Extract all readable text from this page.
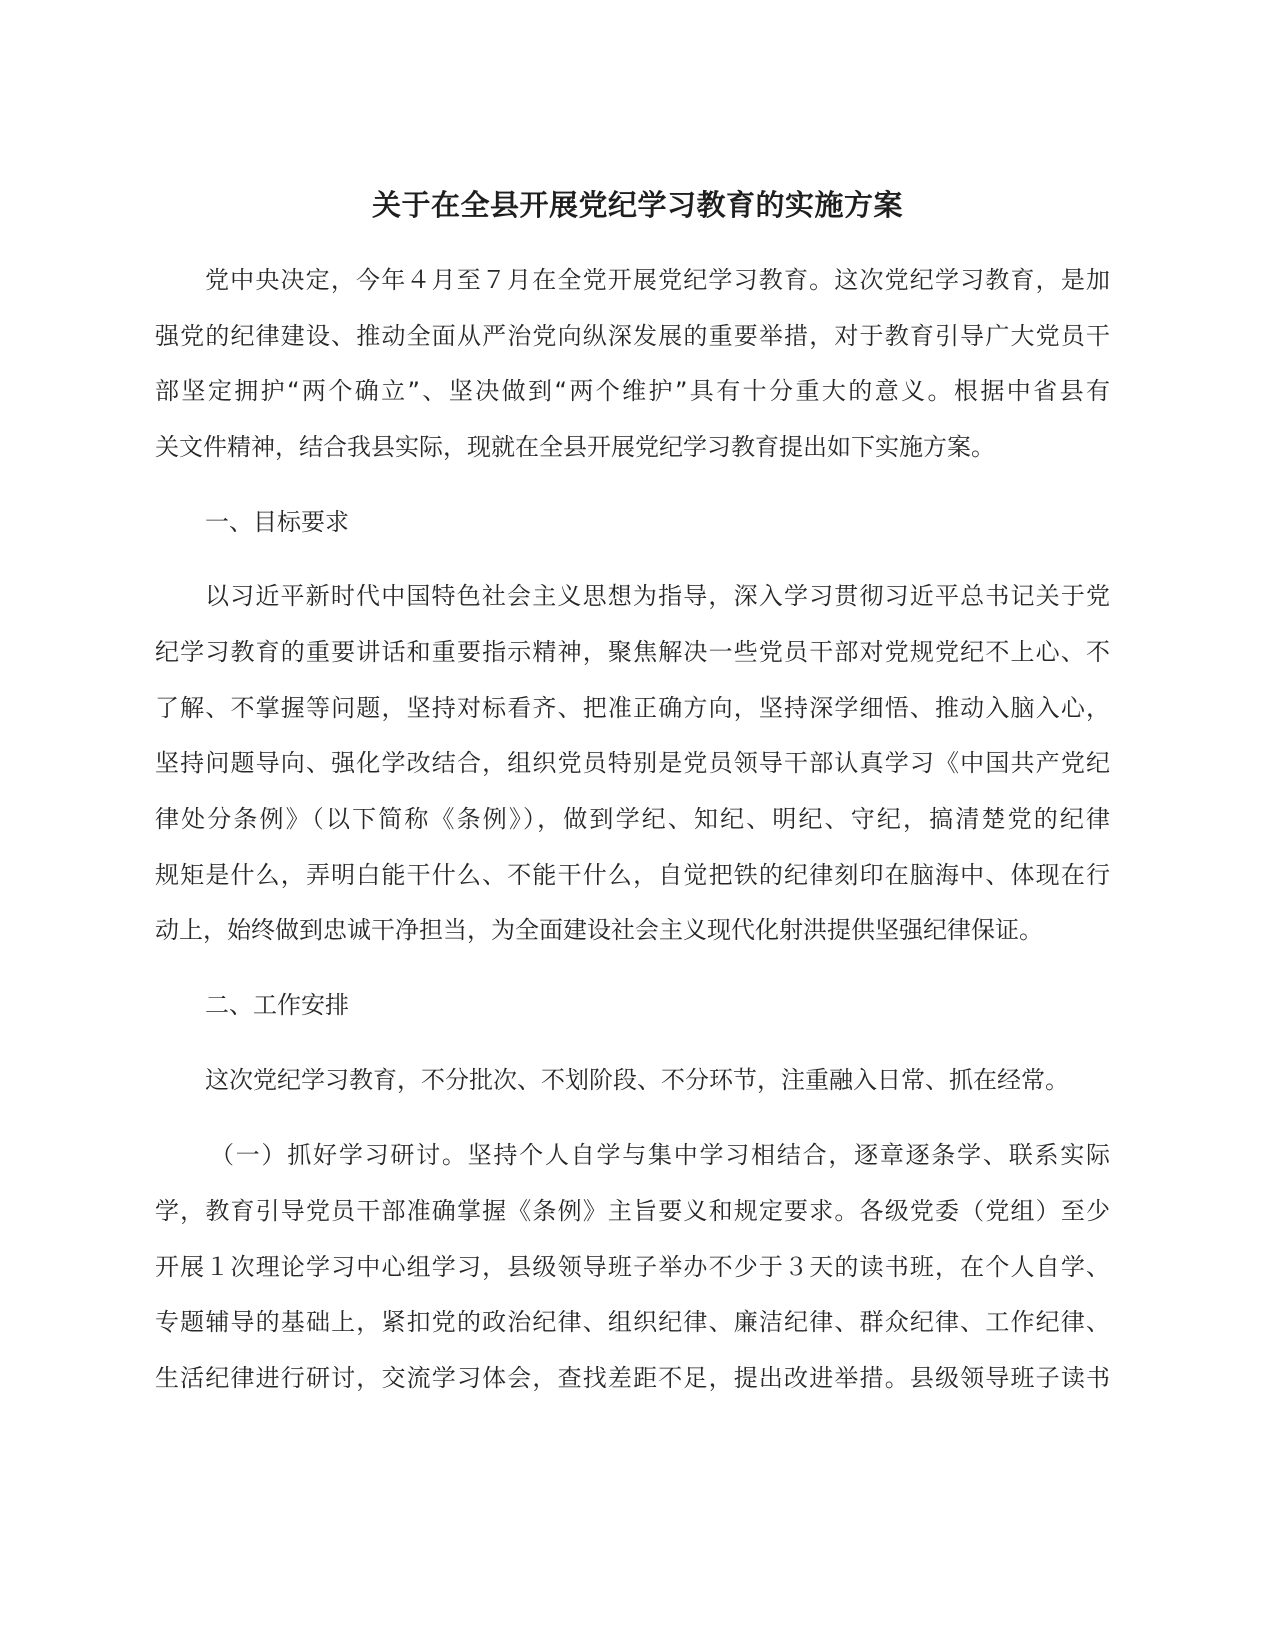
关于在全县开展党纪学习教育的实施方案
党中央决定，今年４月至７月在全党开展党纪学习教育。这次党纪学习教育，是加
强党的纪律建设、推动全面从严治党向纵深发展的重要举措，对于教育引导广大党员干
部坚定拥护“两个确立”、坚决做到“两个维护”具有十分重大的意义。根据中省县有
关文件精神，结合我县实际，现就在全县开展党纪学习教育提出如下实施方案。
一、目标要求
以习近平新时代中国特色社会主义思想为指导，深入学习贯彻习近平总书记关于党
纪学习教育的重要讲话和重要指示精神，聚焦解决一些党员干部对党规党纪不上心、不
了解、不掌握等问题，坚持对标看齐、把准正确方向，坚持深学细悟、推动入脑入心，
坚持问题导向、强化学改结合，组织党员特别是党员领导干部认真学习《中国共产党纪
律处分条例》（以下简称《条例》），做到学纪、知纪、明纪、守纪，搞清楚党的纪律
规矩是什么，弄明白能干什么、不能干什么，自觉把铁的纪律刻印在脑海中、体现在行
动上，始终做到忠诚干净担当，为全面建设社会主义现代化射洪提供坚强纪律保证。
二、工作安排
这次党纪学习教育，不分批次、不划阶段、不分环节，注重融入日常、抓在经常。
（一）抓好学习研讨。坚持个人自学与集中学习相结合，逐章逐条学、联系实际
学，教育引导党员干部准确掌握《条例》主旨要义和规定要求。各级党委（党组）至少
开展１次理论学习中心组学习，县级领导班子举办不少于３天的读书班，在个人自学、
专题辅导的基础上，紧扣党的政治纪律、组织纪律、廉洁纪律、群众纪律、工作纪律、
生活纪律进行研讨，交流学习体会，查找差距不足，提出改进举措。县级领导班子读书
